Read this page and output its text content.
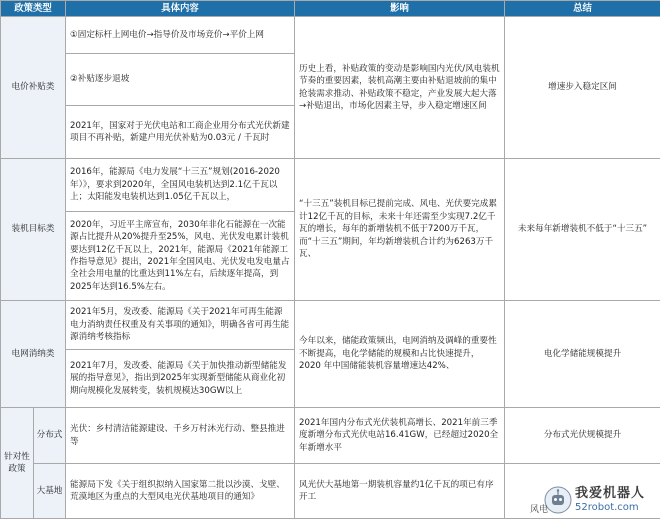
政策类型		具体内容	影响	总结
电价补贴类		①固定标杆上网电价→指导价及市场竞价→平价上网	历史上看，补贴政策的变动是影响国内光伏/风电装机节奏的重要因素，装机高潮主要由补贴退坡前的集中抢装需求推动、补贴政策不稳定，产业发展大起大落→补贴退出，市场化因素主导，步入稳定增速区间	增速步入稳定区间
		②补贴逐步退坡		
		2021年，国家对于光伏电站和工商企业用分布式光伏新建项目不再补贴，新建户用光伏补贴为0.03元 / 千瓦时		
装机目标类		2016年，能源局《电力发展“十三五”规划(2016-2020年）》，要求到2020年，全国风电装机达到2.1亿千瓦以上；太阳能发电装机达到1.05亿千瓦以上，	“十三五”装机目标已提前完成、风电、光伏要完成累计12亿千瓦的目标，未来十年还需至少实现7.2亿千瓦的增长，每年的新增装机不低于7200万千瓦，而“十三五”期间，年均新增装机合计约为6263万千瓦、	未来每年新增装机不低于“十三五”
		2020年，习近平主席宣布，2030年非化石能源在一次能源占比提升从20%提升至25%，风电、光伏发电累计装机要达到12亿千瓦以上，2021年，能源局《2021年能源工作指导意见》提出，2021年全国风电、光伏发电发电量占全社会用电量的比重达到11%左右，后续逐年提高，到2025年达到16.5%左右。		
电网消纳类		2021年5月，发改委、能源局《关于2021年可再生能源电力消纳责任权重及有关事项的通知》，明确各省可再生能源消纳考核指标	今年以来，储能政策频出，电网消纳及调峰的重要性不断提高，电化学储能的规模和占比快速提升，2020 年中国储能装机容量增速达42%、	电化学储能规模提升
		2021年7月，发改委、能源局《关于加快推动新型储能发展的指导意见》，指出到2025年实现新型储能从商业化初期向规模化发展转变，装机规模达30GW以上		
针对性政策	分布式	光伏：乡村清洁能源建设、千乡万村沐光行动、整县推进等	2021年国内分布式光伏装机高增长、2021年前三季度新增分布式光伏电站16.41GW，已经超过2020全年新增水平	分布式光伏规模提升
	大基地	能源局下发《关于组织拟纳入国家第二批以沙漠、戈壁、荒漠地区为重点的大型风电光伏基地项目的通知》	风光伏大基地第一期装机容量约1亿千瓦的项已有序开工		我爱机器人
52robot.com
风电
